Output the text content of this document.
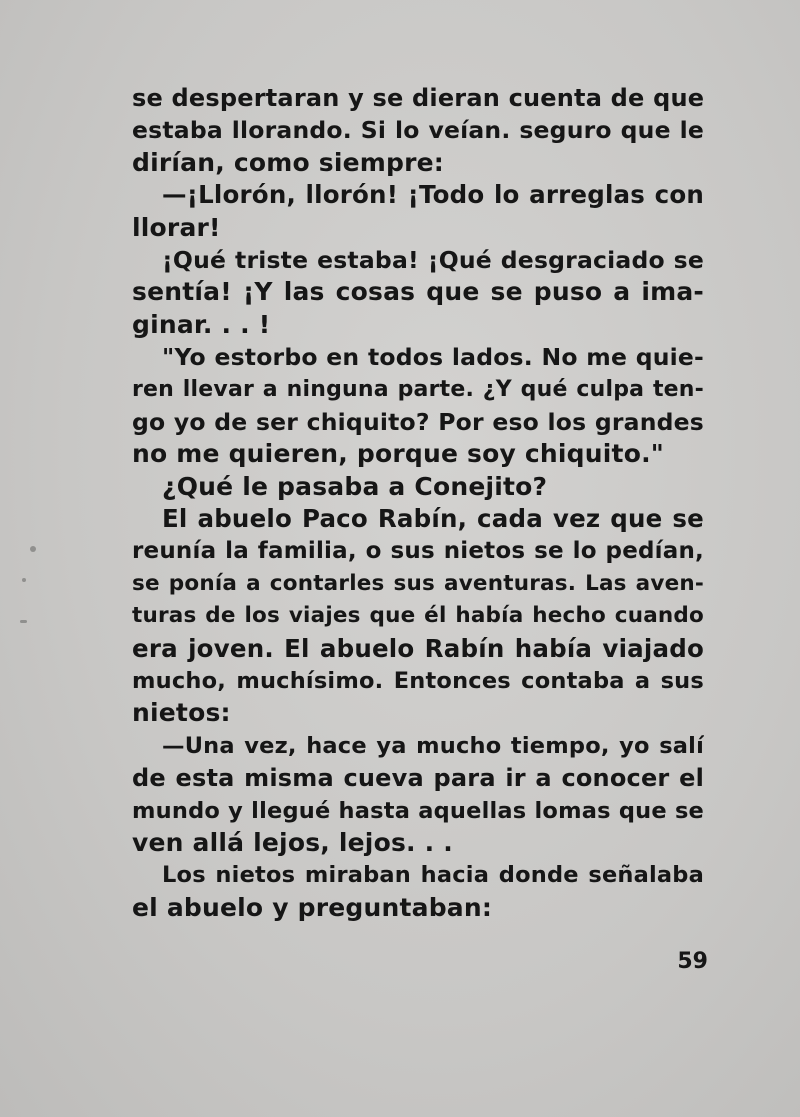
se despertaran y se dieran cuenta de que
estaba llorando. Si lo veían. seguro que le
dirían, como siempre:
—¡Llorón, llorón! ¡Todo lo arreglas con
llorar!
¡Qué triste estaba! ¡Qué desgraciado se
sentía! ¡Y las cosas que se puso a ima-
ginar. . . !
"Yo estorbo en todos lados. No me quie-
ren llevar a ninguna parte. ¿Y qué culpa ten-
go yo de ser chiquito? Por eso los grandes
no me quieren, porque soy chiquito."
¿Qué le pasaba a Conejito?
El abuelo Paco Rabín, cada vez que se
reunía la familia, o sus nietos se lo pedían,
se ponía a contarles sus aventuras. Las aven-
turas de los viajes que él había hecho cuando
era joven. El abuelo Rabín había viajado
mucho, muchísimo. Entonces contaba a sus
nietos:
—Una vez, hace ya mucho tiempo, yo salí
de esta misma cueva para ir a conocer el
mundo y llegué hasta aquellas lomas que se
ven allá lejos, lejos. . .
Los nietos miraban hacia donde señalaba
el abuelo y preguntaban:
59
